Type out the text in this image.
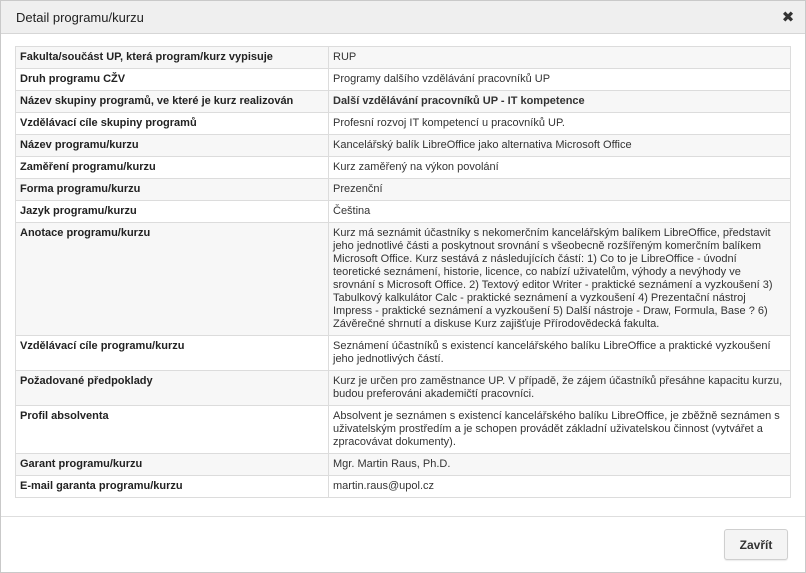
Detail programu/kurzu	✖
Fakulta/součást UP, která program/kurz vypisuje	RUP
Druh programu CŽV	Programy dalšího vzdělávání pracovníků UP
Název skupiny programů, ve které je kurz realizován	Další vzdělávání pracovníků UP - IT kompetence
Vzdělávací cíle skupiny programů	Profesní rozvoj IT kompetencí u pracovníků UP.
Název programu/kurzu	Kancelářský balík LibreOffice jako alternativa Microsoft Office
Zaměření programu/kurzu	Kurz zaměřený na výkon povolání
Forma programu/kurzu	Prezenční
Jazyk programu/kurzu	Čeština
Anotace programu/kurzu	Kurz má seznámit účastníky s nekomerčním kancelářským balíkem LibreOffice, představit jeho jednotlivé části a poskytnout srovnání s všeobecně rozšířeným komerčním balíkem Microsoft Office. Kurz sestává z následujících částí: 1) Co to je LibreOffice - úvodní teoretické seznámení, historie, licence, co nabízí uživatelům, výhody a nevýhody ve srovnání s Microsoft Office. 2) Textový editor Writer - praktické seznámení a vyzkoušení 3) Tabulkový kalkulátor Calc - praktické seznámení a vyzkoušení 4) Prezentační nástroj Impress - praktické seznámení a vyzkoušení 5) Další nástroje - Draw, Formula, Base ? 6) Závěrečné shrnutí a diskuse Kurz zajišťuje Přírodovědecká fakulta.
Vzdělávací cíle programu/kurzu	Seznámení účastníků s existencí kancelářského balíku LibreOffice a praktické vyzkoušení jeho jednotlivých částí.
Požadované předpoklady	Kurz je určen pro zaměstnance UP. V případě, že zájem účastníků přesáhne kapacitu kurzu, budou preferováni akademičtí pracovníci.
Profil absolventa	Absolvent je seznámen s existencí kancelářského balíku LibreOffice, je zběžně seznámen s uživatelským prostředím a je schopen provádět základní uživatelskou činnost (vytvářet a zpracovávat dokumenty).
Garant programu/kurzu	Mgr. Martin Raus, Ph.D.
E-mail garanta programu/kurzu	martin.raus@upol.cz
Zavřít
